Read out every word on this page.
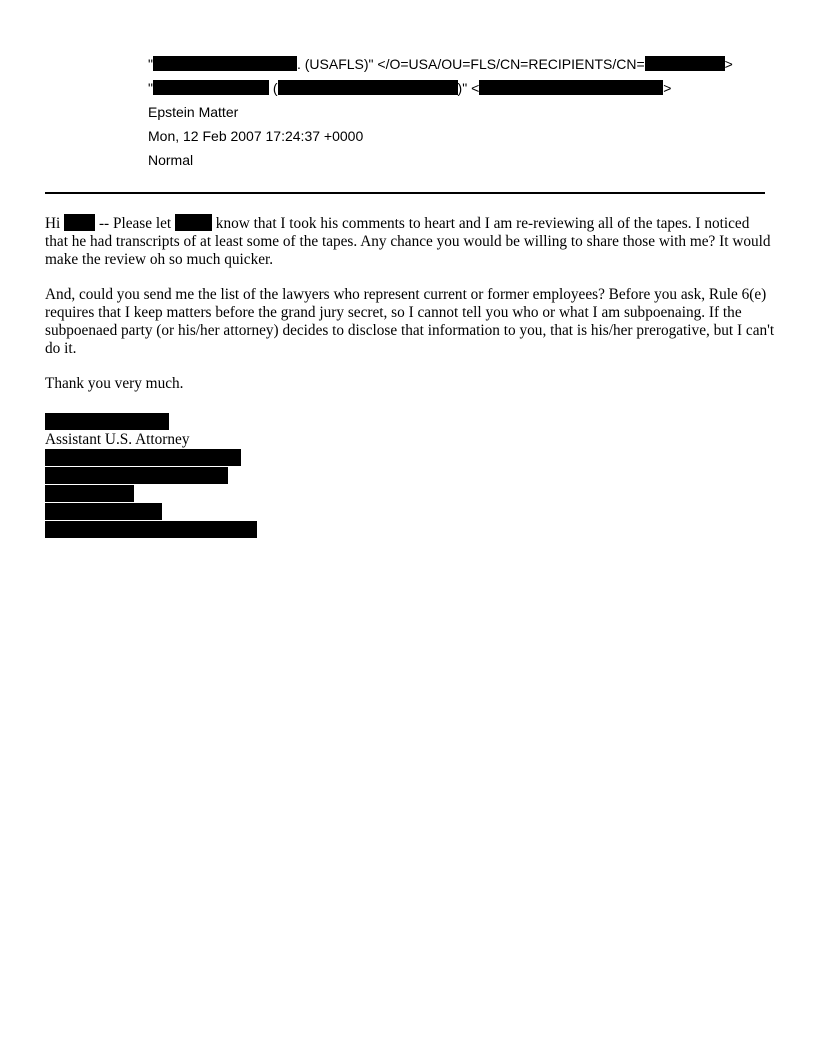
"	. (USAFLS)" </O=USA/OU=FLS/CN=RECIPIENTS/CN=	>
"	(	)" <	>
Epstein Matter
Mon, 12 Feb 2007 17:24:37 +0000
Normal

Hi  -- Please let  know that I took his comments to heart and I am re-reviewing all of the tapes. I noticed that he had transcripts of at least some of the tapes. Any chance you would be willing to share those with me? It would make the review oh so much quicker.

And, could you send me the list of the lawyers who represent current or former employees? Before you ask, Rule 6(e) requires that I keep matters before the grand jury secret, so I cannot tell you who or what I am subpoenaing. If the subpoenaed party (or his/her attorney) decides to disclose that information to you, that is his/her prerogative, but I can't do it.

Thank you very much.

Assistant U.S. Attorney
